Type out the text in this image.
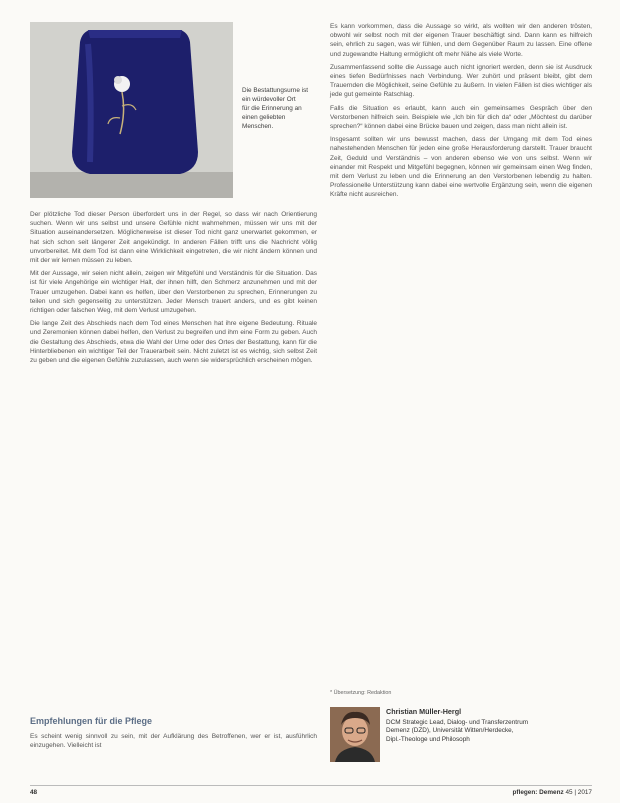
Die Bestattungsurne ist

ein würdevoller Ort

für die Erinnerung an

einen geliebten

Menschen.

Der plötzliche Tod dieser Person überfordert uns in der Regel, so dass wir nach Orientierung suchen. Wenn wir uns selbst und unsere Gefühle nicht wahrnehmen, müssen wir uns mit der Situation auseinandersetzen. Möglicherweise ist dieser Tod nicht ganz unerwartet gekommen, er hat sich schon seit längerer Zeit angekündigt. In anderen Fällen trifft uns die Nachricht völlig unvorbereitet. Mit dem Tod ist dann eine Wirklichkeit eingetreten, die wir nicht ändern können und mit der wir lernen müssen zu leben.

Mit der Aussage, wir seien nicht allein, zeigen wir Mitgefühl und Verständnis für die Situation. Das ist für viele Angehörige ein wichtiger Halt, der ihnen hilft, den Schmerz anzunehmen und mit der Trauer umzugehen. Dabei kann es helfen, über den Verstorbenen zu sprechen, Erinnerungen zu teilen und sich gegenseitig zu unterstützen. Jeder Mensch trauert anders, und es gibt keinen richtigen oder falschen Weg, mit dem Verlust umzugehen.

Die lange Zeit des Abschieds nach dem Tod eines Menschen hat ihre eigene Bedeutung. Rituale und Zeremonien können dabei helfen, den Verlust zu begreifen und ihm eine Form zu geben. Auch die Gestaltung des Abschieds, etwa die Wahl der Urne oder des Ortes der Bestattung, kann für die Hinterbliebenen ein wichtiger Teil der Trauerarbeit sein. Nicht zuletzt ist es wichtig, sich selbst Zeit zu geben und die eigenen Gefühle zuzulassen, auch wenn sie widersprüchlich erscheinen mögen.

Es kann vorkommen, dass die Aussage so wirkt, als wollten wir den anderen trösten, obwohl wir selbst noch mit der eigenen Trauer beschäftigt sind. Dann kann es hilfreich sein, ehrlich zu sagen, was wir fühlen, und dem Gegenüber Raum zu lassen. Eine offene und zugewandte Haltung ermöglicht oft mehr Nähe als viele Worte.

Zusammenfassend sollte die Aussage auch nicht ignoriert werden, denn sie ist Ausdruck eines tiefen Bedürfnisses nach Verbindung. Wer zuhört und präsent bleibt, gibt dem Trauernden die Möglichkeit, seine Gefühle zu äußern. In vielen Fällen ist dies wichtiger als jede gut gemeinte Ratschlag.

Falls die Situation es erlaubt, kann auch ein gemeinsames Gespräch über den Verstorbenen hilfreich sein. Beispiele wie „Ich bin für dich da“ oder „Möchtest du darüber sprechen?“ können dabei eine Brücke bauen und zeigen, dass man nicht allein ist.

Insgesamt sollten wir uns bewusst machen, dass der Umgang mit dem Tod eines nahestehenden Menschen für jeden eine große Herausforderung darstellt. Trauer braucht Zeit, Geduld und Verständnis – von anderen ebenso wie von uns selbst. Wenn wir einander mit Respekt und Mitgefühl begegnen, können wir gemeinsam einen Weg finden, mit dem Verlust zu leben und die Erinnerung an den Verstorbenen lebendig zu halten. Professionelle Unterstützung kann dabei eine wertvolle Ergänzung sein, wenn die eigenen Kräfte nicht ausreichen.

* Übersetzung: Redaktion
Empfehlungen für die Pflege

Es scheint wenig sinnvoll zu sein, mit der Aufklärung des Betroffenen, wer er ist, ausführlich einzugehen. Vielleicht ist

Christian Müller-Hergl
DCM Strategic Lead, Dialog- und Transferzentrum
Demenz (DZD), Universität Witten/Herdecke,
Dipl.-Theologe und Philosoph
48	pflegen: Demenz 45 | 2017
